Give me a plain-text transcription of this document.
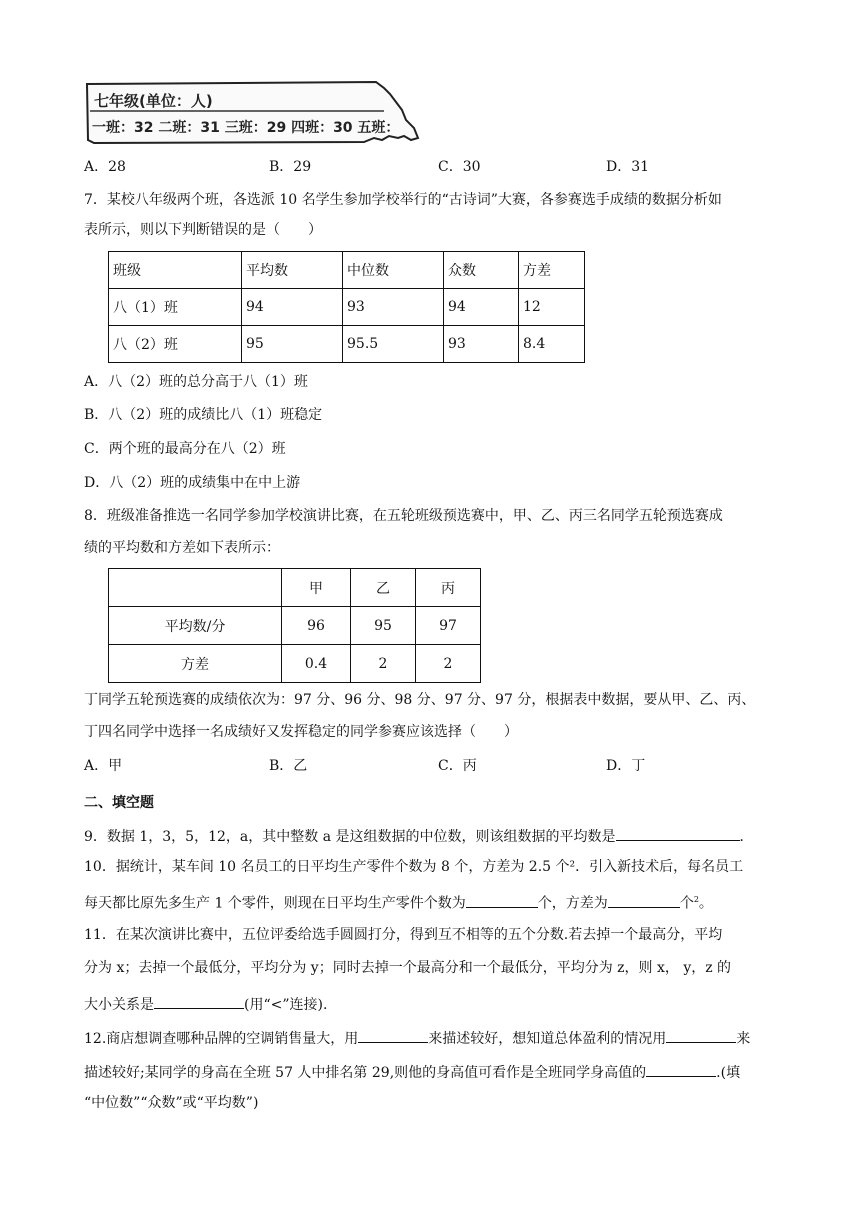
七年级(单位：人)
一班：32 二班：31 三班：29 四班：30 五班：
A．28	B．29	C．30	D．31
7．某校八年级两个班，各选派 10 名学生参加学校举行的“古诗词”大赛，各参赛选手成绩的数据分析如
表所示，则以下判断错误的是（　　）
班级	平均数	中位数	众数	方差
八（1）班	94	93	94	12
八（2）班	95	95.5	93	8.4
A．八（2）班的总分高于八（1）班
B．八（2）班的成绩比八（1）班稳定
C．两个班的最高分在八（2）班
D．八（2）班的成绩集中在中上游
8．班级准备推选一名同学参加学校演讲比赛，在五轮班级预选赛中，甲、乙、丙三名同学五轮预选赛成
绩的平均数和方差如下表所示：
	甲	乙	丙
平均数/分	96	95	97
方差	0.4	2	2
丁同学五轮预选赛的成绩依次为：97 分、96 分、98 分、97 分、97 分，根据表中数据，要从甲、乙、丙、
丁四名同学中选择一名成绩好又发挥稳定的同学参赛应该选择（　　）
A．甲	B．乙	C．丙	D．丁
二、填空题
9．数据 1，3，5，12，a，其中整数 a 是这组数据的中位数，则该组数据的平均数是	．
10．据统计，某车间 10 名员工的日平均生产零件个数为 8 个，方差为 2.5 个²．引入新技术后，每名员工
每天都比原先多生产 1 个零件，则现在日平均生产零件个数为	个，方差为	个$^2$。
11．在某次演讲比赛中，五位评委给选手圆圆打分，得到互不相等的五个分数.若去掉一个最高分，平均
分为 x；去掉一个最低分，平均分为 y；同时去掉一个最高分和一个最低分，平均分为 z，则 x， y，z 的
大小关系是	(用“<”连接).
12.商店想调查哪种品牌的空调销售量大，用	来描述较好，想知道总体盈利的情况用	来
描述较好;某同学的身高在全班 57 人中排名第 29,则他的身高值可看作是全班同学身高值的	.(填
“中位数”“众数”或“平均数”)
